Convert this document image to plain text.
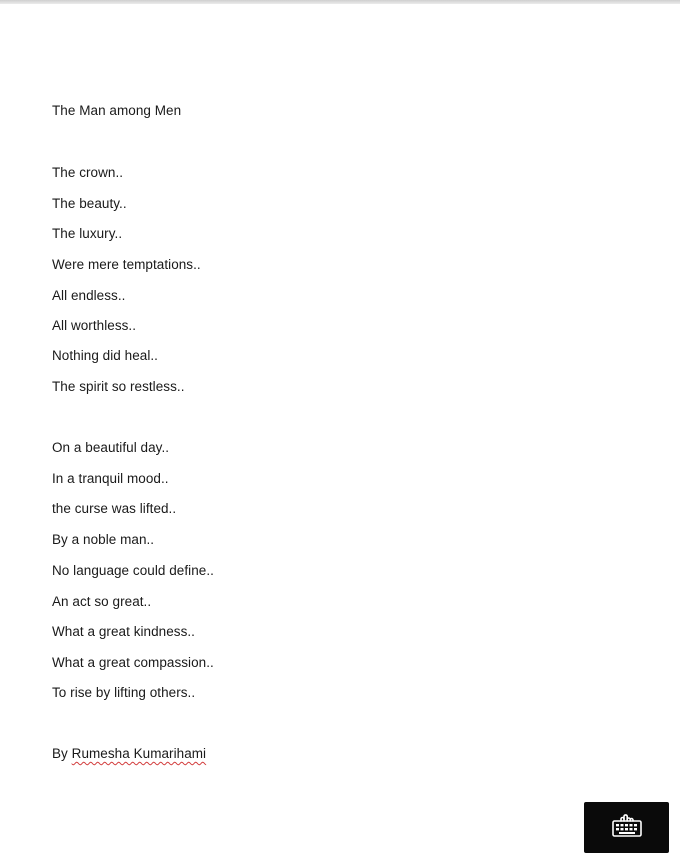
The Man among Men
The crown..
The beauty..
The luxury..
Were mere temptations..
All endless..
All worthless..
Nothing did heal..
The spirit so restless..
On a beautiful day..
In a tranquil mood..
the curse was lifted..
By a noble man..
No language could define..
An act so great..
What a great kindness..
What a great compassion..
To rise by lifting others..
By Rumesha Kumarihami
